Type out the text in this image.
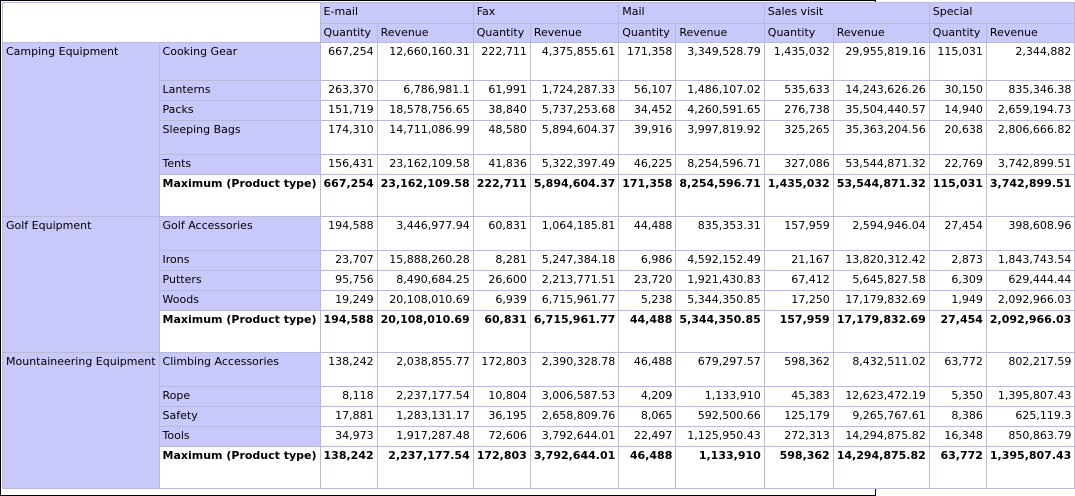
		E-mail		Fax		Mail		Sales visit		Special	
		Quantity	Revenue	Quantity	Revenue	Quantity	Revenue	Quantity	Revenue	Quantity	Revenue
Camping Equipment	Cooking Gear	667,254	12,660,160.31	222,711	4,375,855.61	171,358	3,349,528.79	1,435,032	29,955,819.16	115,031	2,344,882
	Lanterns	263,370	6,786,981.1	61,991	1,724,287.33	56,107	1,486,107.02	535,633	14,243,626.26	30,150	835,346.38
	Packs	151,719	18,578,756.65	38,840	5,737,253.68	34,452	4,260,591.65	276,738	35,504,440.57	14,940	2,659,194.73
	Sleeping Bags	174,310	14,711,086.99	48,580	5,894,604.37	39,916	3,997,819.92	325,265	35,363,204.56	20,638	2,806,666.82
	Tents	156,431	23,162,109.58	41,836	5,322,397.49	46,225	8,254,596.71	327,086	53,544,871.32	22,769	3,742,899.51
	Maximum (Product type)	667,254	23,162,109.58	222,711	5,894,604.37	171,358	8,254,596.71	1,435,032	53,544,871.32	115,031	3,742,899.51
Golf Equipment	Golf Accessories	194,588	3,446,977.94	60,831	1,064,185.81	44,488	835,353.31	157,959	2,594,946.04	27,454	398,608.96
	Irons	23,707	15,888,260.28	8,281	5,247,384.18	6,986	4,592,152.49	21,167	13,820,312.42	2,873	1,843,743.54
	Putters	95,756	8,490,684.25	26,600	2,213,771.51	23,720	1,921,430.83	67,412	5,645,827.58	6,309	629,444.44
	Woods	19,249	20,108,010.69	6,939	6,715,961.77	5,238	5,344,350.85	17,250	17,179,832.69	1,949	2,092,966.03
	Maximum (Product type)	194,588	20,108,010.69	60,831	6,715,961.77	44,488	5,344,350.85	157,959	17,179,832.69	27,454	2,092,966.03
Mountaineering Equipment	Climbing Accessories	138,242	2,038,855.77	172,803	2,390,328.78	46,488	679,297.57	598,362	8,432,511.02	63,772	802,217.59
	Rope	8,118	2,237,177.54	10,804	3,006,587.53	4,209	1,133,910	45,383	12,623,472.19	5,350	1,395,807.43
	Safety	17,881	1,283,131.17	36,195	2,658,809.76	8,065	592,500.66	125,179	9,265,767.61	8,386	625,119.3
	Tools	34,973	1,917,287.48	72,606	3,792,644.01	22,497	1,125,950.43	272,313	14,294,875.82	16,348	850,863.79
	Maximum (Product type)	138,242	2,237,177.54	172,803	3,792,644.01	46,488	1,133,910	598,362	14,294,875.82	63,772	1,395,807.43
